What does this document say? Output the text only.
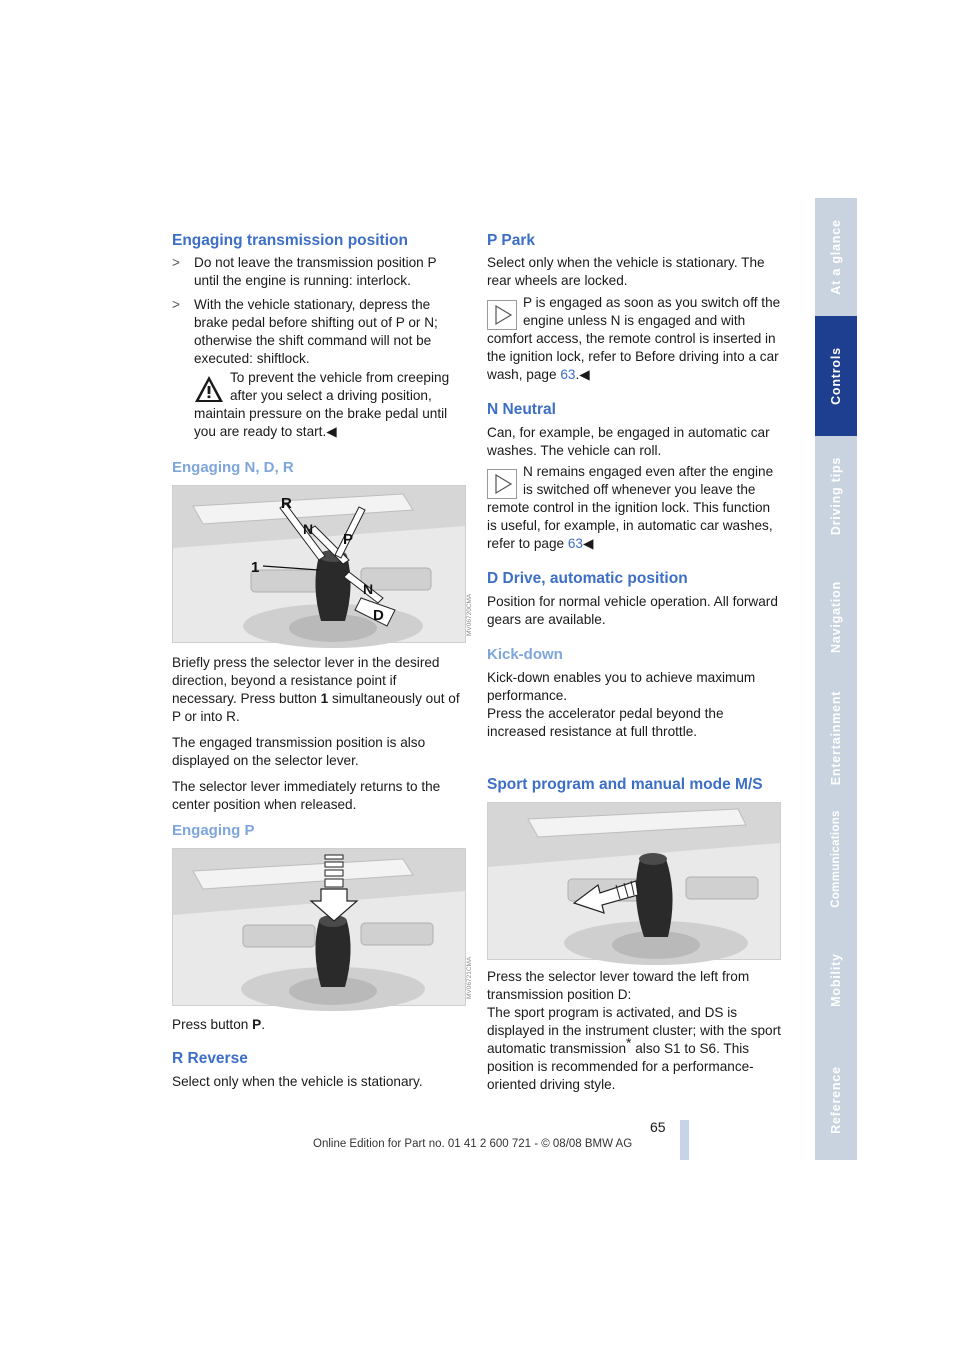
At a glance
Controls
Driving tips
Navigation
Entertainment
Communications
Mobility
Reference
Engaging transmission position
> Do not leave the transmission position P until the engine is running: interlock.
> With the vehicle stationary, depress the brake pedal before shifting out of P or N; otherwise the shift command will not be executed: shiftlock.
To prevent the vehicle from creeping
after you select a driving position,
maintain pressure on the brake pedal until you are ready to start.◀
Engaging N, D, R
R
N
P
N
D
1
MV06720CMA

Briefly press the selector lever in the desired direction, beyond a resistance point if necessary. Press button 1 simultaneously out of P or into R.

The engaged transmission position is also displayed on the selector lever.

The selector lever immediately returns to the center position when released.

Engaging P
MV06721CMA

Press button P.

R Reverse

Select only when the vehicle is stationary.

P Park

Select only when the vehicle is stationary. The rear wheels are locked.

P is engaged as soon as you switch off the
engine unless N is engaged and with

comfort access, the remote control is inserted in the ignition lock, refer to Before driving into a car wash, page 63.◀

N Neutral

Can, for example, be engaged in automatic car washes. The vehicle can roll.

N remains engaged even after the engine
is switched off whenever you leave the

remote control in the ignition lock. This function is useful, for example, in automatic car washes, refer to page 63◀

D Drive, automatic position

Position for normal vehicle operation. All forward gears are available.

Kick-down

Kick-down enables you to achieve maximum performance.

Press the accelerator pedal beyond the increased resistance at full throttle.

Sport program and manual mode M/S

Press the selector lever toward the left from transmission position D:

The sport program is activated, and DS is displayed in the instrument cluster; with the sport automatic transmission* also S1 to S6. This position is recommended for a performance-oriented driving style.

65
Online Edition for Part no. 01 41 2 600 721 - © 08/08 BMW AG
